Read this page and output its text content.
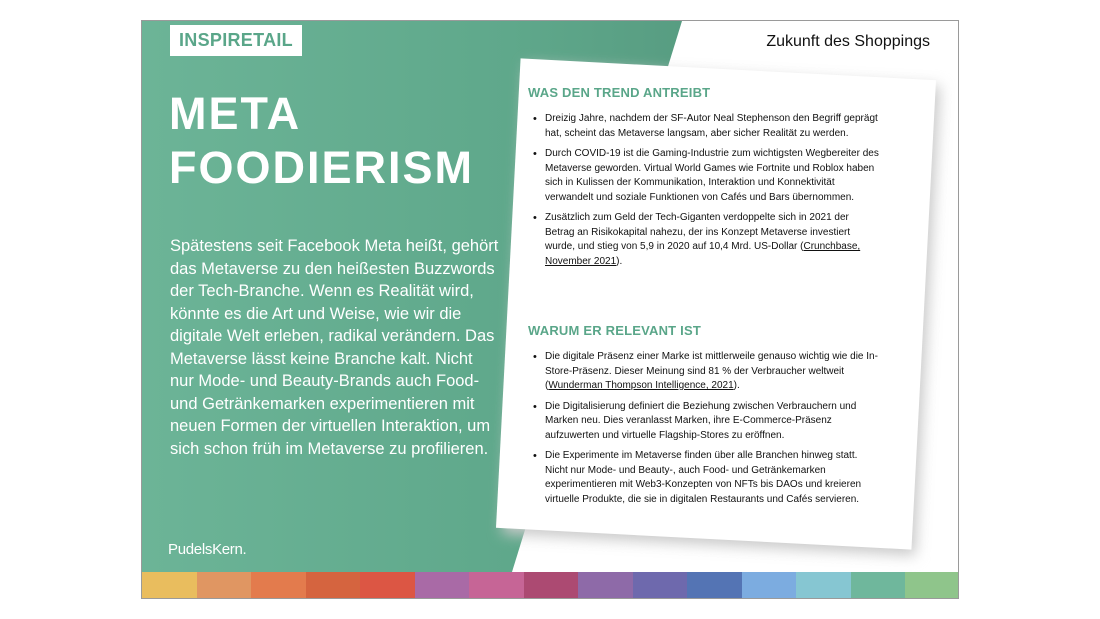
INSPIRETAIL	Zukunft des Shoppings
META
FOODIERISM
Spätestens seit Facebook Meta heißt, gehört das Metaverse zu den heißesten Buzzwords der Tech-Branche. Wenn es Realität wird, könnte es die Art und Weise, wie wir die digitale Welt erleben, radikal verändern. Das Metaverse lässt keine Branche kalt. Nicht nur Mode- und Beauty-Brands auch Food- und Getränkemarken experimentieren mit neuen Formen der virtuellen Interaktion, um sich schon früh im Metaverse zu profilieren.
PudelsKern.
WAS DEN TREND ANTREIBT
• Dreizig Jahre, nachdem der SF-Autor Neal Stephenson den Begriff geprägt hat, scheint das Metaverse langsam, aber sicher Realität zu werden.
• Durch COVID-19 ist die Gaming-Industrie zum wichtigsten Wegbereiter des Metaverse geworden. Virtual World Games wie Fortnite und Roblox haben sich in Kulissen der Kommunikation, Interaktion und Konnektivität verwandelt und soziale Funktionen von Cafés und Bars übernommen.
• Zusätzlich zum Geld der Tech-Giganten verdoppelte sich in 2021 der Betrag an Risikokapital nahezu, der ins Konzept Metaverse investiert wurde, und stieg von 5,9 in 2020 auf 10,4 Mrd. US-Dollar (Crunchbase, November 2021).
WARUM ER RELEVANT IST
• Die digitale Präsenz einer Marke ist mittlerweile genauso wichtig wie die In-Store-Präsenz. Dieser Meinung sind 81 % der Verbraucher weltweit (Wunderman Thompson Intelligence, 2021).
• Die Digitalisierung definiert die Beziehung zwischen Verbrauchern und Marken neu. Dies veranlasst Marken, ihre E-Commerce-Präsenz aufzuwerten und virtuelle Flagship-Stores zu eröffnen.
• Die Experimente im Metaverse finden über alle Branchen hinweg statt. Nicht nur Mode- und Beauty-, auch Food- und Getränkemarken experimentieren mit Web3-Konzepten von NFTs bis DAOs und kreieren virtuelle Produkte, die sie in digitalen Restaurants und Cafés servieren.
